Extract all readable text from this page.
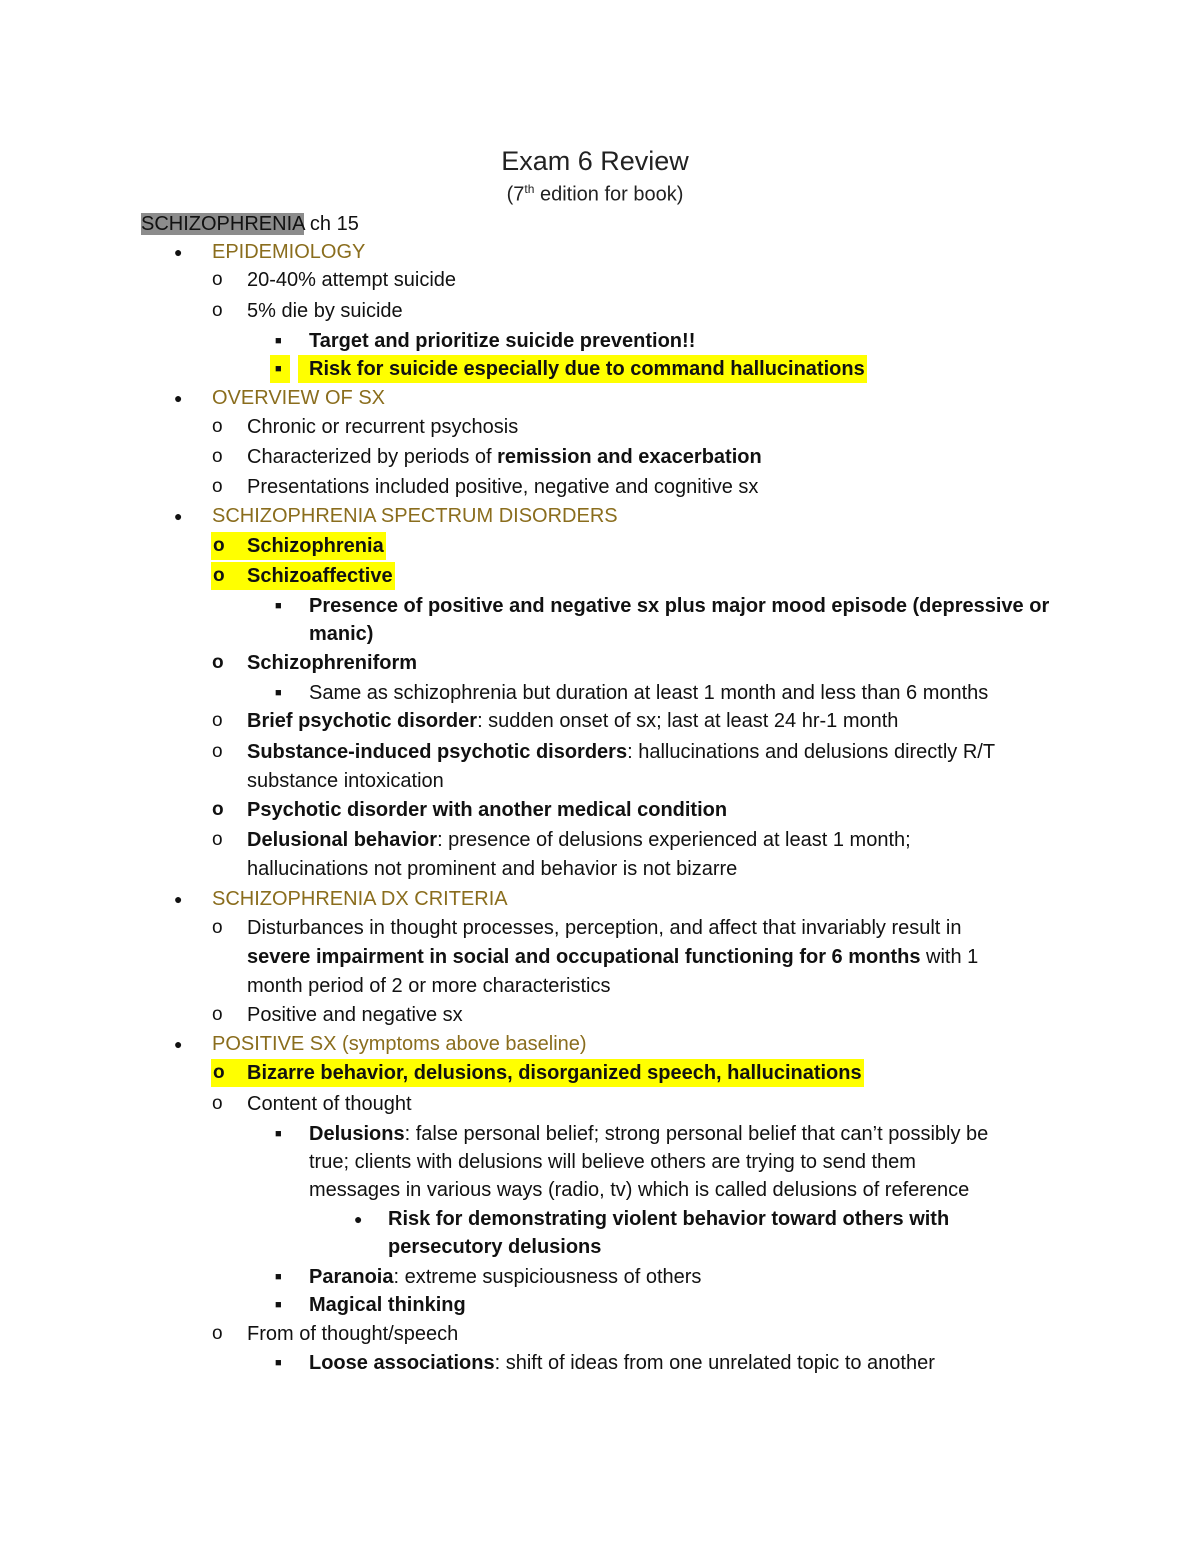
Exam 6 Review
(7th edition for book)
SCHIZOPHRENIA ch 15
● EPIDEMIOLOGY
o 20-40% attempt suicide
o 5% die by suicide
■ Target and prioritize suicide prevention!!
■	Risk for suicide especially due to command hallucinations
● OVERVIEW OF SX
o Chronic or recurrent psychosis
o Characterized by periods of remission and exacerbation
o Presentations included positive, negative and cognitive sx
● SCHIZOPHRENIA SPECTRUM DISORDERS
o	Schizophrenia
o	Schizoaffective
■ Presence of positive and negative sx plus major mood episode (depressive or
manic)
o Schizophreniform
■ Same as schizophrenia but duration at least 1 month and less than 6 months
o Brief psychotic disorder: sudden onset of sx; last at least 24 hr-1 month
o Substance-induced psychotic disorders: hallucinations and delusions directly R/T
substance intoxication
o Psychotic disorder with another medical condition
o Delusional behavior: presence of delusions experienced at least 1 month;
hallucinations not prominent and behavior is not bizarre
● SCHIZOPHRENIA DX CRITERIA
o Disturbances in thought processes, perception, and affect that invariably result in
severe impairment in social and occupational functioning for 6 months with 1
month period of 2 or more characteristics
o Positive and negative sx
● POSITIVE SX (symptoms above baseline)
o	Bizarre behavior, delusions, disorganized speech, hallucinations
o Content of thought
■ Delusions: false personal belief; strong personal belief that can’t possibly be
true; clients with delusions will believe others are trying to send them
messages in various ways (radio, tv) which is called delusions of reference
● Risk for demonstrating violent behavior toward others with
persecutory delusions
■ Paranoia: extreme suspiciousness of others
■ Magical thinking
o From of thought/speech
■ Loose associations: shift of ideas from one unrelated topic to another
